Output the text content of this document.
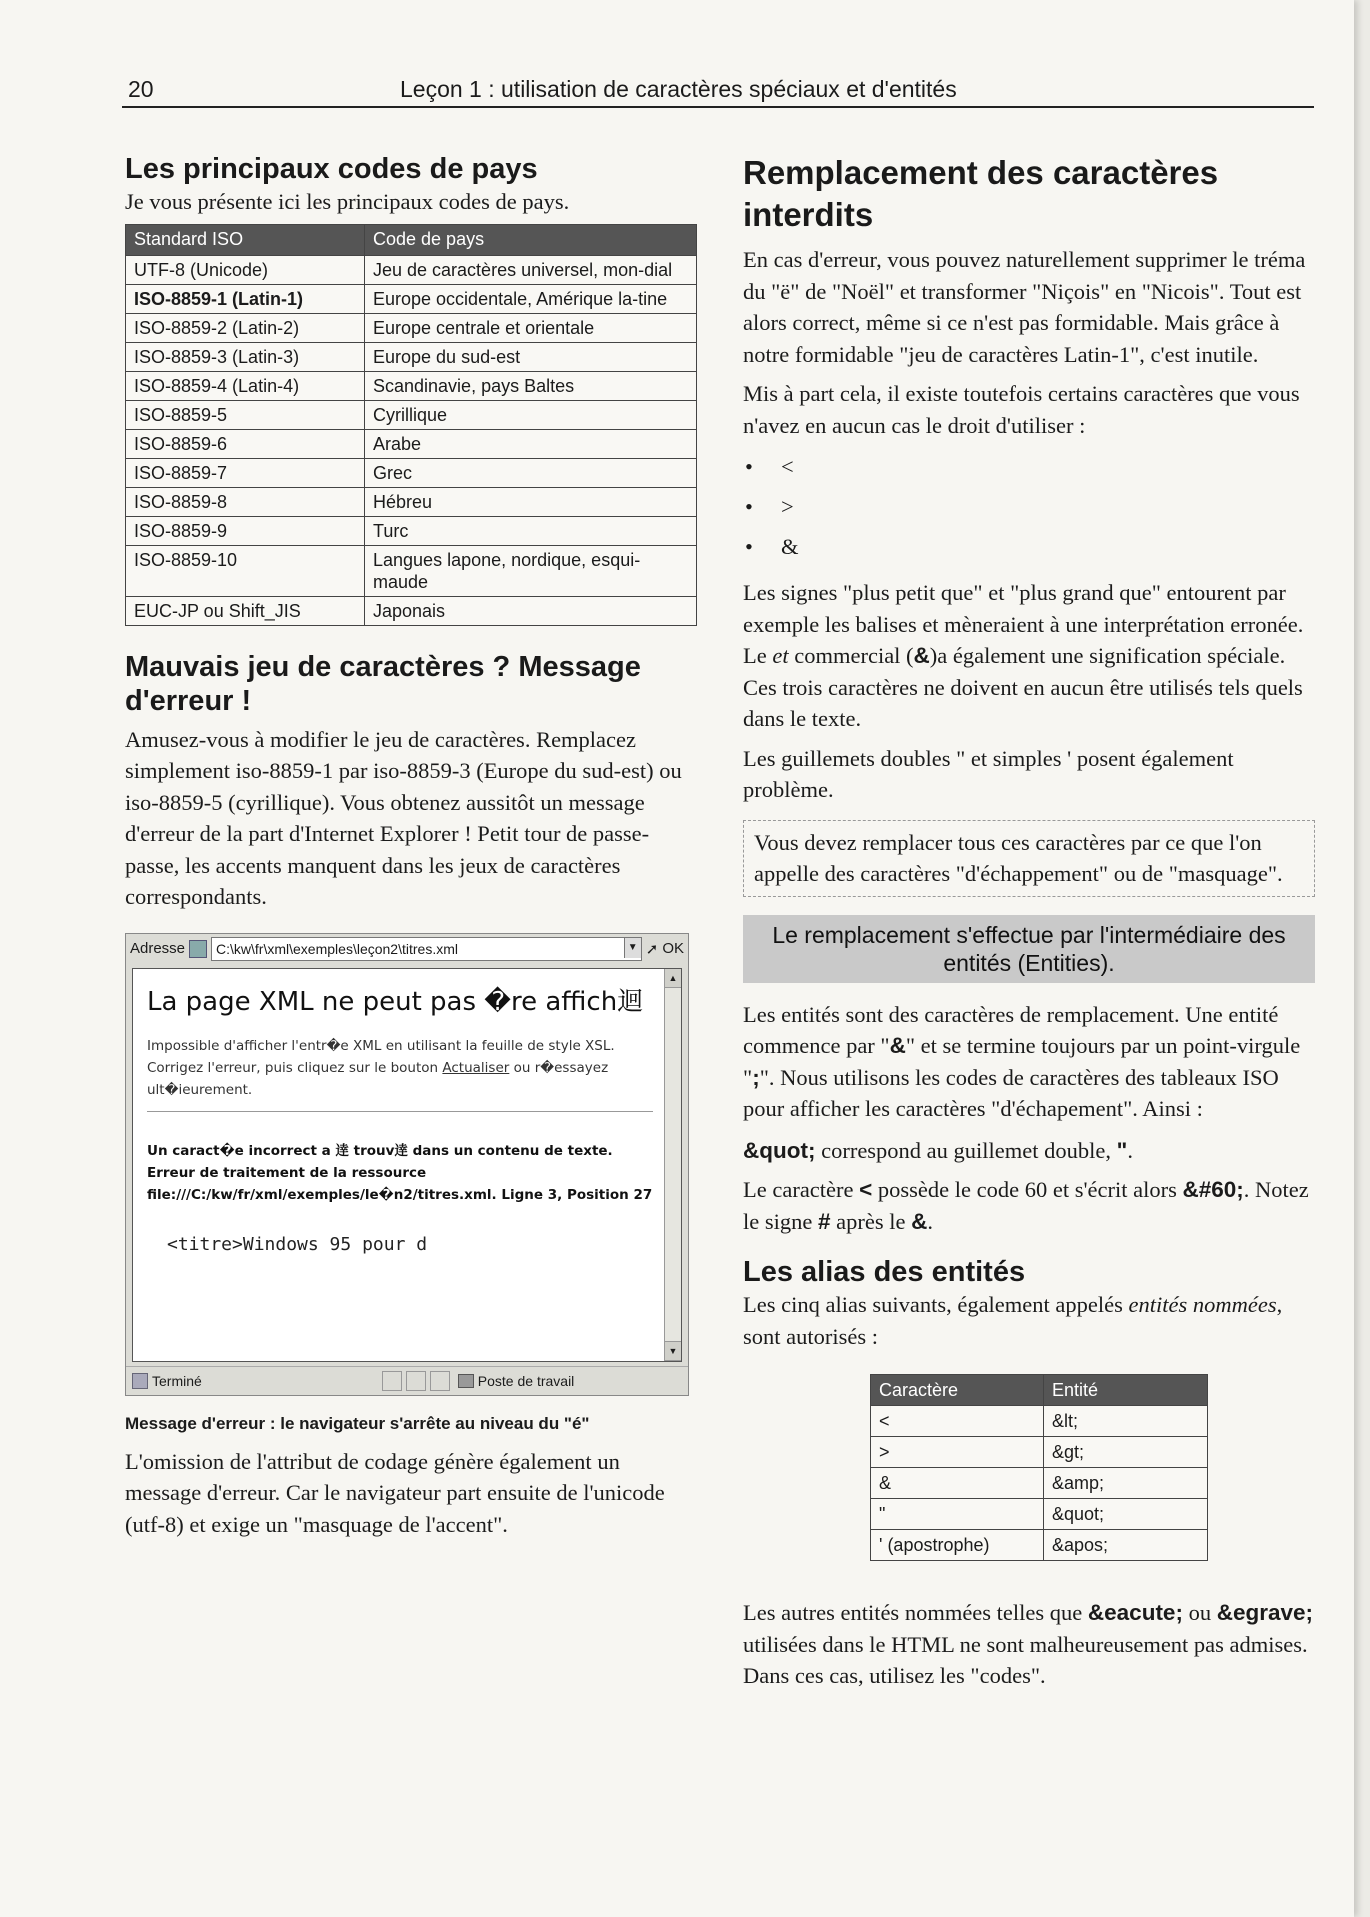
20	Leçon 1 : utilisation de caractères spéciaux et d'entités
Les principaux codes de pays

Je vous présente ici les principaux codes de pays.

Standard ISO	Code de pays
UTF-8 (Unicode)	Jeu de caractères universel, mon-dial
ISO-8859-1 (Latin-1)	Europe occidentale, Amérique la-tine
ISO-8859-2 (Latin-2)	Europe centrale et orientale
ISO-8859-3 (Latin-3)	Europe du sud-est
ISO-8859-4 (Latin-4)	Scandinavie, pays Baltes
ISO-8859-5	Cyrillique
ISO-8859-6	Arabe
ISO-8859-7	Grec
ISO-8859-8	Hébreu
ISO-8859-9	Turc
ISO-8859-10	Langues lapone, nordique, esqui-maude
EUC-JP ou Shift_JIS	Japonais
Mauvais jeu de caractères ? Message d'erreur !

Amusez-vous à modifier le jeu de caractères. Remplacez simplement iso-8859-1 par iso-8859-3 (Europe du sud-est) ou iso-8859-5 (cyrillique). Vous obtenez aussitôt un message d'erreur de la part d'Internet Explorer ! Petit tour de passe-passe, les accents manquent dans les jeux de caractères correspondants.

Adresse C:\kw\fr\xml\exemples\leçon2\titres.xml	▼ ➚ OK
La page XML ne peut pas �re affich迴
Impossible d'afficher l'entr�e XML en utilisant la feuille de style XSL. Corrigez l'erreur, puis cliquez sur le bouton Actualiser ou r�essayez ult�ieurement.
Un caract�e incorrect a 逹 trouv逹 dans un contenu de texte. Erreur de traitement de la ressource file:///C:/kw/fr/xml/exemples/le�n2/titres.xml. Ligne 3, Position 27
<titre>Windows 95 pour d
▲
▼
Terminé	Poste de travail
Message d'erreur : le navigateur s'arrête au niveau du "é"

L'omission de l'attribut de codage génère également un message d'erreur. Car le navigateur part ensuite de l'unicode (utf-8) et exige un "masquage de l'accent".

Remplacement des caractères interdits

En cas d'erreur, vous pouvez naturellement supprimer le tréma du "ë" de "Noël" et transformer "Niçois" en "Nicois". Tout est alors correct, même si ce n'est pas formidable. Mais grâce à notre formidable "jeu de caractères Latin-1", c'est inutile.

Mis à part cela, il existe toutefois certains caractères que vous n'avez en aucun cas le droit d'utiliser :

• <
• >
• &

Les signes "plus petit que" et "plus grand que" entourent par exemple les balises et mèneraient à une interprétation erronée. Le et commercial (&)a également une signification spéciale. Ces trois caractères ne doivent en aucun être utilisés tels quels dans le texte.

Les guillemets doubles " et simples ' posent également problème.

Vous devez remplacer tous ces caractères par ce que l'on appelle des caractères "d'échappement" ou de "masquage".

Le remplacement s'effectue par l'intermédiaire des entités (Entities).

Les entités sont des caractères de remplacement. Une entité commence par "&" et se termine toujours par un point-virgule ";". Nous utilisons les codes de caractères des tableaux ISO pour afficher les caractères "d'échapement". Ainsi :

&quot; correspond au guillemet double, ".

Le caractère < possède le code 60 et s'écrit alors &#60;. Notez le signe # après le &.

Les alias des entités

Les cinq alias suivants, également appelés entités nommées, sont autorisés :

Caractère	Entité
<	&lt;
>	&gt;
&	&amp;
"	&quot;
' (apostrophe)	&apos;

Les autres entités nommées telles que &eacute; ou &egrave; utilisées dans le HTML ne sont malheureusement pas admises. Dans ces cas, utilisez les "codes".
